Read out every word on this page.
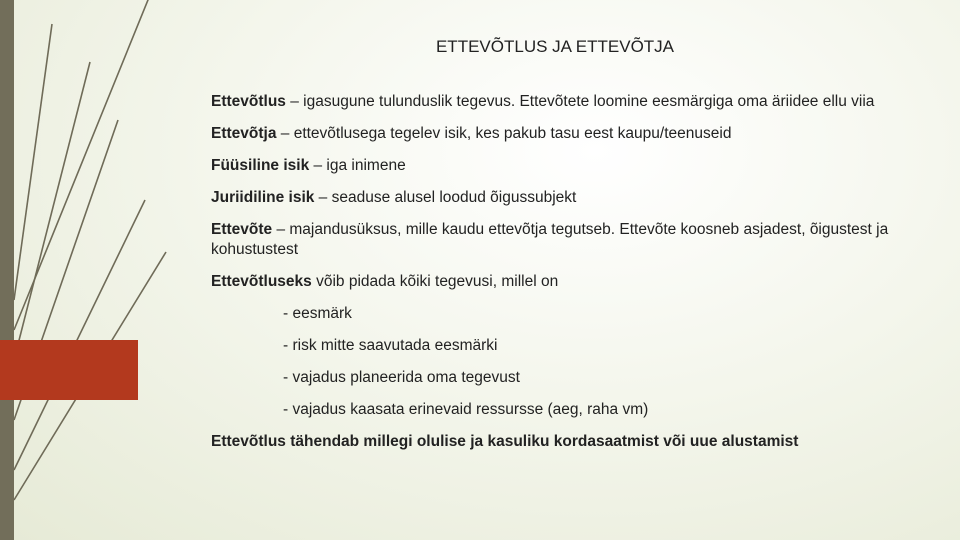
ETTEVÕTLUS JA ETTEVÕTJA

Ettevõtlus – igasugune tulunduslik tegevus. Ettevõtete loomine eesmärgiga oma äriidee ellu viia

Ettevõtja – ettevõtlusega tegelev isik, kes pakub tasu eest kaupu/teenuseid

Füüsiline isik – iga inimene

Juriidiline isik – seaduse alusel loodud õigussubjekt

Ettevõte – majandusüksus, mille kaudu ettevõtja tegutseb. Ettevõte koosneb asjadest, õigustest ja kohustustest

Ettevõtluseks võib pidada kõiki tegevusi, millel on

- eesmärk

- risk mitte saavutada eesmärki

- vajadus planeerida oma tegevust

- vajadus kaasata erinevaid ressursse (aeg, raha vm)

Ettevõtlus tähendab millegi olulise ja kasuliku kordasaatmist või uue alustamist
